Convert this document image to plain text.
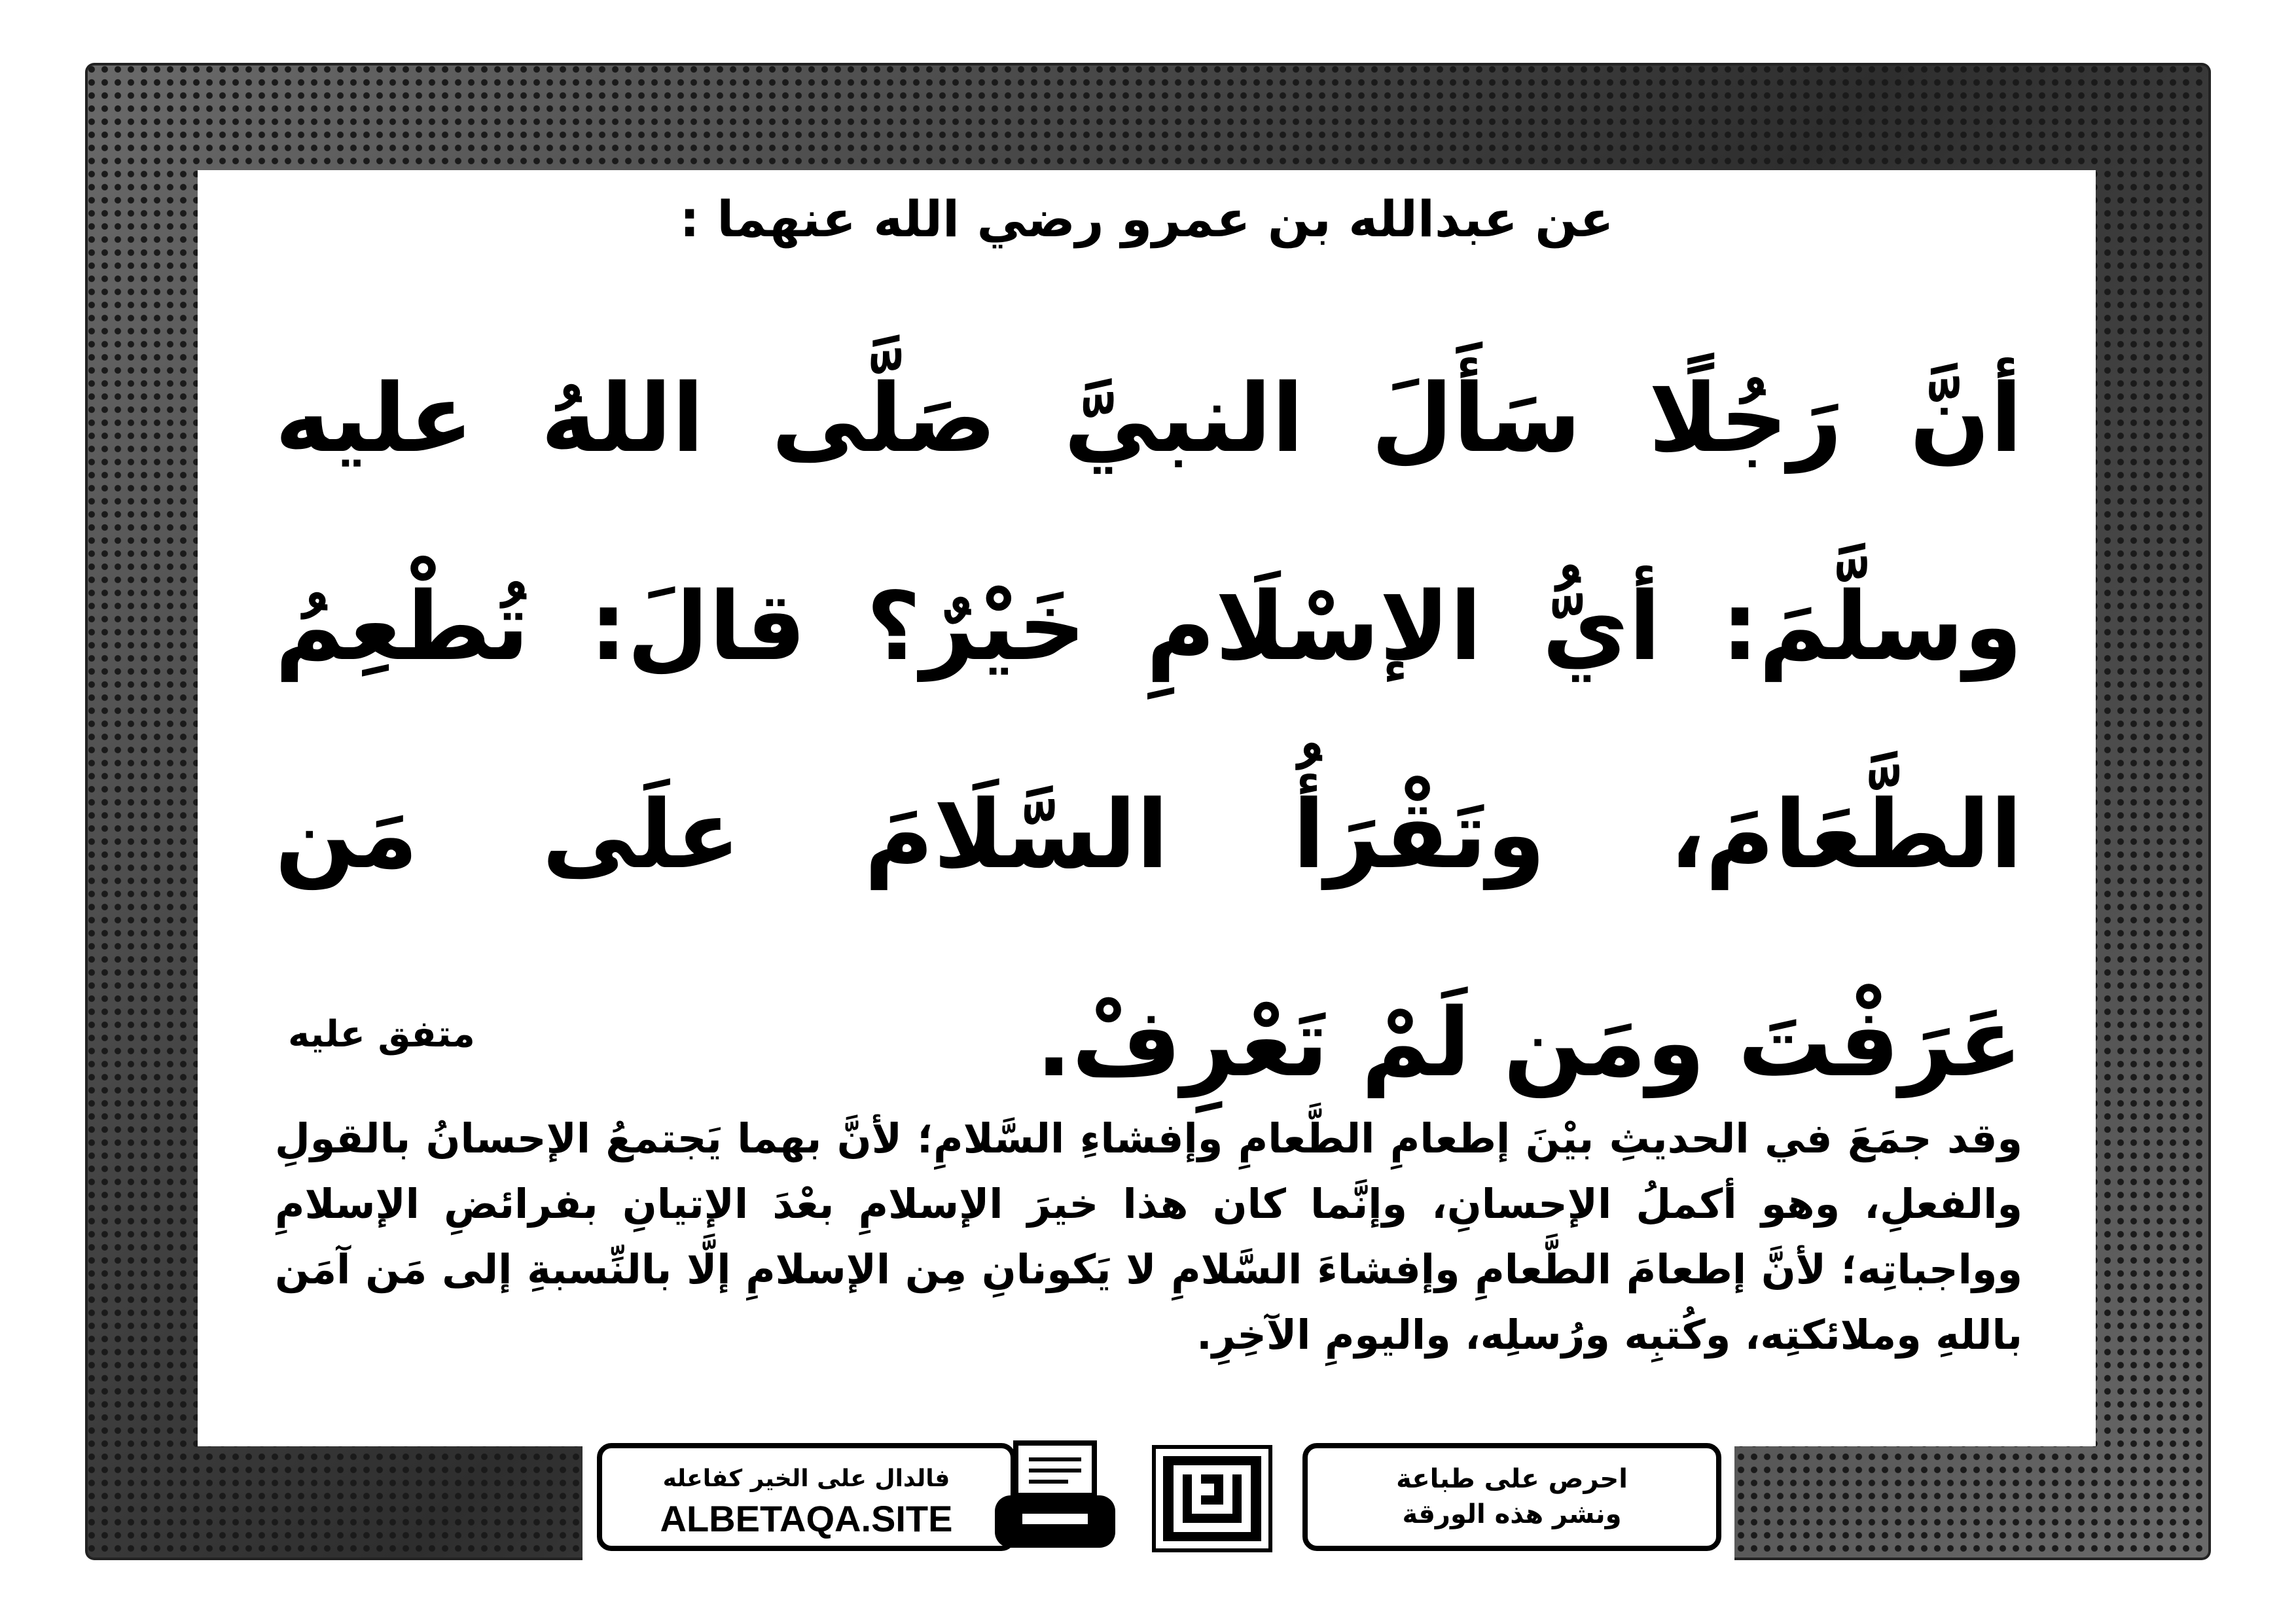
عن عبدالله بن عمرو رضي الله عنهما :
أنَّ رَجُلًا سَأَلَ النبيَّ صَلَّى اللهُ عليه
وسلَّمَ: أيُّ الإسْلَامِ خَيْرٌ؟ قالَ: تُطْعِمُ
الطَّعَامَ، وتَقْرَأُ السَّلَامَ علَى مَن
عَرَفْتَ ومَن لَمْ تَعْرِفْ.
متفق عليه
وقد جمَعَ في الحديثِ بيْنَ إطعامِ الطَّعامِ وإفشاءِ السَّلامِ؛ لأنَّ بهما يَجتمعُ الإحسانُ بالقولِ والفعلِ، وهو أكملُ الإحسانِ، وإنَّما كان هذا خيرَ الإسلامِ بعْدَ الإتيانِ بفرائضِ الإسلامِ وواجباتِه؛ لأنَّ إطعامَ الطَّعامِ وإفشاءَ السَّلامِ لا يَكونانِ مِن الإسلامِ إلَّا بالنِّسبةِ إلى مَن آمَن باللهِ وملائكتِه، وكُتبِه ورُسلِه، واليومِ الآخِرِ.
فالدال على الخير كفاعله
ALBETAQA.SITE
احرص على طباعة
ونشر هذه الورقة
